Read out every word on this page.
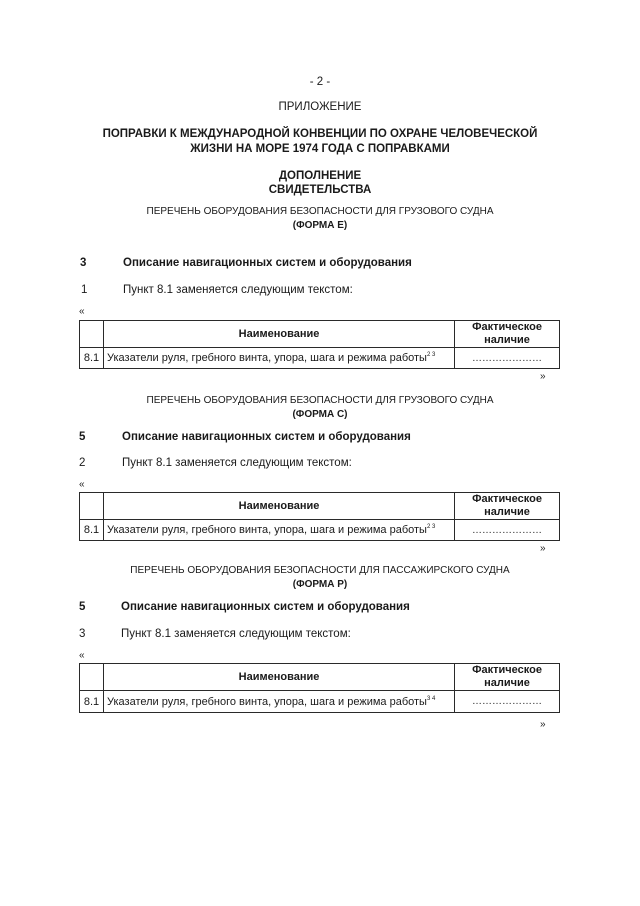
- 2 -
ПРИЛОЖЕНИЕ
ПОПРАВКИ К МЕЖДУНАРОДНОЙ КОНВЕНЦИИ ПО ОХРАНЕ ЧЕЛОВЕЧЕСКОЙ
ЖИЗНИ НА МОРЕ 1974 ГОДА С ПОПРАВКАМИ
ДОПОЛНЕНИЕ
СВИДЕТЕЛЬСТВА
ПЕРЕЧЕНЬ ОБОРУДОВАНИЯ БЕЗОПАСНОСТИ ДЛЯ ГРУЗОВОГО СУДНА
(ФОРМА E)
3	Описание навигационных систем и оборудования
1	Пункт 8.1 заменяется следующим текстом:
«
	Наименование	Фактическое
наличие

8.1	Указатели руля, гребного винта, упора, шага и режима работы$^{2 3}$	…………………
»
ПЕРЕЧЕНЬ ОБОРУДОВАНИЯ БЕЗОПАСНОСТИ ДЛЯ ГРУЗОВОГО СУДНА
(ФОРМА С)
5	Описание навигационных систем и оборудования
2	Пункт 8.1 заменяется следующим текстом:
«
	Наименование	Фактическое
наличие

8.1	Указатели руля, гребного винта, упора, шага и режима работы$^{2 3}$	…………………
»
ПЕРЕЧЕНЬ ОБОРУДОВАНИЯ БЕЗОПАСНОСТИ ДЛЯ ПАССАЖИРСКОГО СУДНА
(ФОРМА Р)
5	Описание навигационных систем и оборудования
3	Пункт 8.1 заменяется следующим текстом:
«
	Наименование	Фактическое
наличие

8.1	Указатели руля, гребного винта, упора, шага и режима работы$^{3 4}$	…………………
»
